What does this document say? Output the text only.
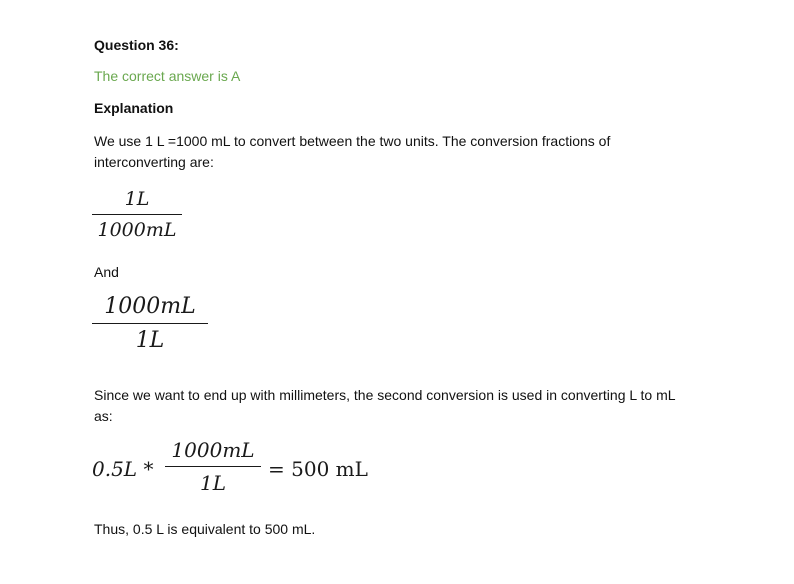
Question 36:
The correct answer is A
Explanation
We use 1 L =1000 mL to convert between the two units. The conversion fractions of
interconverting are:
1L
1000mL
And
1000mL
1L
Since we want to end up with millimeters, the second conversion is used in converting L to mL
as:
0.5L *
1000mL
1L
= 500 mL
Thus, 0.5 L is equivalent to 500 mL.
